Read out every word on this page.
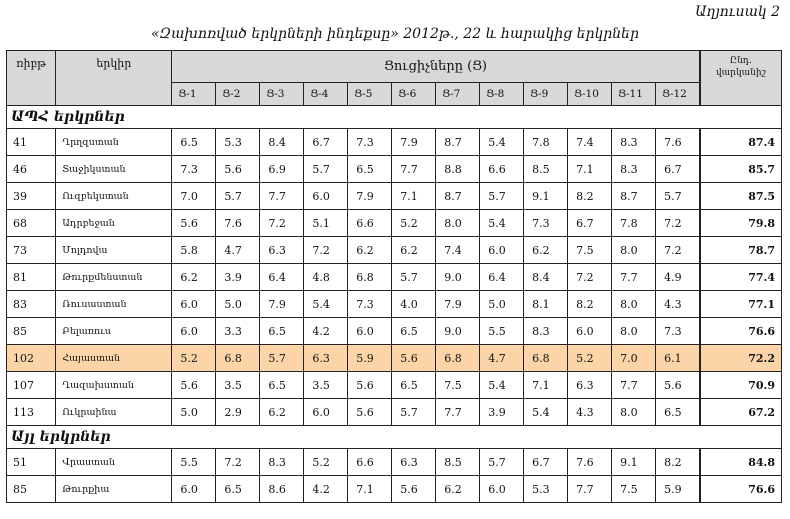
Աղյուսակ 2
«Զախոռված երկրների ինդեքսը» 2012թ., 22 և հարակից երկրներ
ռիբթ	երկիր	Ցուցիչները (Ց)												Ընդ.
վարկանիշ
		Ց-1	Ց-2	Ց-3	Ց-4	Ց-5	Ց-6	Ց-7	Ց-8	Ց-9	Ց-10	Ց-11	Ց-12	
ԱՊՀ երկրներ														
41	Ղրղզստան	6.5	5.3	8.4	6.7	7.3	7.9	8.7	5.4	7.8	7.4	8.3	7.6	87.4
46	Տաջիկստան	7.3	5.6	6.9	5.7	6.5	7.7	8.8	6.6	8.5	7.1	8.3	6.7	85.7
39	Ուզբեկստան	7.0	5.7	7.7	6.0	7.9	7.1	8.7	5.7	9.1	8.2	8.7	5.7	87.5
68	Ադրբեջան	5.6	7.6	7.2	5.1	6.6	5.2	8.0	5.4	7.3	6.7	7.8	7.2	79.8
73	Մոլդովա	5.8	4.7	6.3	7.2	6.2	6.2	7.4	6.0	6.2	7.5	8.0	7.2	78.7
81	Թուրքմենստան	6.2	3.9	6.4	4.8	6.8	5.7	9.0	6.4	8.4	7.2	7.7	4.9	77.4
83	Ռուսաստան	6.0	5.0	7.9	5.4	7.3	4.0	7.9	5.0	8.1	8.2	8.0	4.3	77.1
85	Բելառուս	6.0	3.3	6.5	4.2	6.0	6.5	9.0	5.5	8.3	6.0	8.0	7.3	76.6
102	Հայաստան	5.2	6.8	5.7	6.3	5.9	5.6	6.8	4.7	6.8	5.2	7.0	6.1	72.2
107	Ղազախստան	5.6	3.5	6.5	3.5	5.6	6.5	7.5	5.4	7.1	6.3	7.7	5.6	70.9
113	Ուկրաինա	5.0	2.9	6.2	6.0	5.6	5.7	7.7	3.9	5.4	4.3	8.0	6.5	67.2
Այլ երկրներ														
51	Վրաստան	5.5	7.2	8.3	5.2	6.6	6.3	8.5	5.7	6.7	7.6	9.1	8.2	84.8
85	Թուրքիա	6.0	6.5	8.6	4.2	7.1	5.6	6.2	6.0	5.3	7.7	7.5	5.9	76.6
